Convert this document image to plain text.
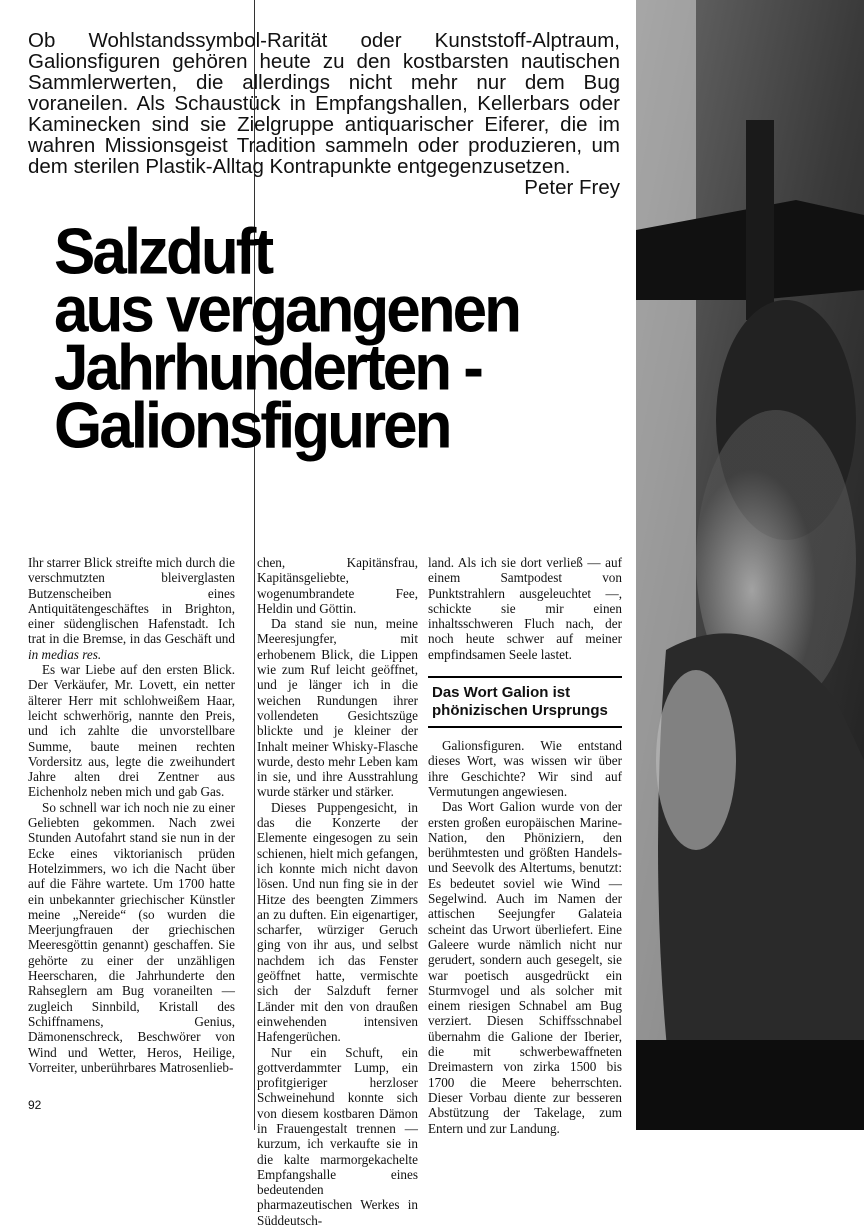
Ob Wohlstandssymbol-Rarität oder Kunststoff-Alptraum, Galionsfiguren gehören heute zu den kostbarsten nautischen Sammlerwerten, die allerdings nicht mehr nur dem Bug voraneilen. Als Schaustück in Empfangshallen, Kellerbars oder Kaminecken sind sie Zielgruppe antiquarischer Eiferer, die im wahren Missionsgeist Tradition sammeln oder produzieren, um dem sterilen Plastik-Alltag Kontrapunkte entgegenzusetzen.
Peter Frey
Salzduft
aus vergangenen
Jahrhunderten -
Galionsfiguren

Ihr starrer Blick streifte mich durch die verschmutzten bleiverglasten Butzenscheiben eines Antiquitätengeschäftes in Brighton, einer südenglischen Hafenstadt. Ich trat in die Bremse, in das Geschäft und in medias res.

Es war Liebe auf den ersten Blick. Der Verkäufer, Mr. Lovett, ein netter älterer Herr mit schlohweißem Haar, leicht schwerhörig, nannte den Preis, und ich zahlte die unvorstellbare Summe, baute meinen rechten Vordersitz aus, legte die zweihundert Jahre alten drei Zentner aus Eichenholz neben mich und gab Gas.

So schnell war ich noch nie zu einer Geliebten gekommen. Nach zwei Stunden Autofahrt stand sie nun in der Ecke eines viktorianisch prüden Hotelzimmers, wo ich die Nacht über auf die Fähre wartete. Um 1700 hatte ein unbekannter griechischer Künstler meine „Nereide“ (so wurden die Meerjungfrauen der griechischen Meeresgöttin genannt) geschaffen. Sie gehörte zu einer der unzähligen Heerscharen, die Jahrhunderte den Rahseglern am Bug voraneilten — zugleich Sinnbild, Kristall des Schiffnamens, Genius, Dämonenschreck, Beschwörer von Wind und Wetter, Heros, Heilige, Vorreiter, unberührbares Matrosenlieb-

chen, Kapitänsfrau, Kapitänsgeliebte, wogenumbrandete Fee, Heldin und Göttin.

Da stand sie nun, meine Meeresjungfer, mit erhobenem Blick, die Lippen wie zum Ruf leicht geöffnet, und je länger ich in die weichen Rundungen ihrer vollendeten Gesichtszüge blickte und je kleiner der Inhalt meiner Whisky-Flasche wurde, desto mehr Leben kam in sie, und ihre Ausstrahlung wurde stärker und stärker.

Dieses Puppengesicht, in das die Konzerte der Elemente eingesogen zu sein schienen, hielt mich gefangen, ich konnte mich nicht davon lösen. Und nun fing sie in der Hitze des beengten Zimmers an zu duften. Ein eigenartiger, scharfer, würziger Geruch ging von ihr aus, und selbst nachdem ich das Fenster geöffnet hatte, vermischte sich der Salzduft ferner Länder mit den von draußen einwehenden intensiven Hafengerüchen.

Nur ein Schuft, ein gottverdammter Lump, ein profitgieriger herzloser Schweinehund konnte sich von diesem kostbaren Dämon in Frauengestalt trennen — kurzum, ich verkaufte sie in die kalte marmorgekachelte Empfangshalle eines bedeutenden pharmazeutischen Werkes in Süddeutsch-

land. Als ich sie dort verließ — auf einem Samtpodest von Punktstrahlern ausgeleuchtet —, schickte sie mir einen inhaltsschweren Fluch nach, der noch heute schwer auf meiner empfindsamen Seele lastet.

Das Wort Galion ist phönizischen Ursprungs

Galionsfiguren. Wie entstand dieses Wort, was wissen wir über ihre Geschichte? Wir sind auf Vermutungen angewiesen.

Das Wort Galion wurde von der ersten großen europäischen Marine-Nation, den Phöniziern, den berühmtesten und größten Handels- und Seevolk des Altertums, benutzt: Es bedeutet soviel wie Wind — Segelwind. Auch im Namen der attischen Seejungfer Galateia scheint das Urwort überliefert. Eine Galeere wurde nämlich nicht nur gerudert, sondern auch gesegelt, sie war poetisch ausgedrückt ein Sturmvogel und als solcher mit einem riesigen Schnabel am Bug verziert. Diesen Schiffsschnabel übernahm die Galione der Iberier, die mit schwerbewaffneten Dreimastern von zirka 1500 bis 1700 die Meere beherrschten. Dieser Vorbau diente zur besseren Abstützung der Takelage, zum Entern und zur Landung.

92
